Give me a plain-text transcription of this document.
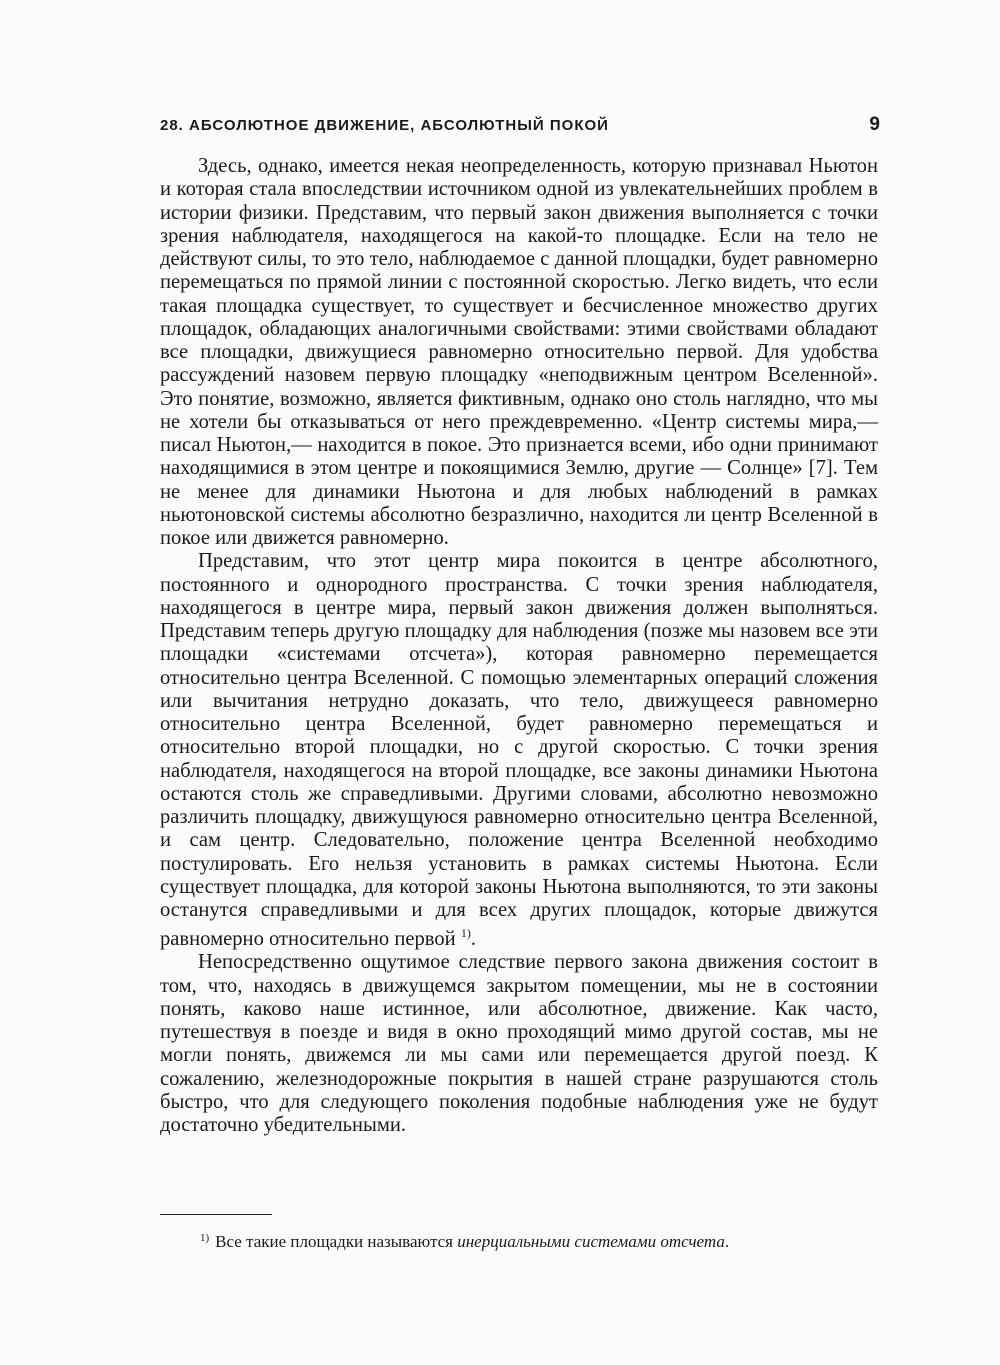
28. АБСОЛЮТНОЕ ДВИЖЕНИЕ, АБСОЛЮТНЫЙ ПОКОЙ	9

Здесь, однако, имеется некая неопределенность, которую признавал Ньютон и которая стала впоследствии источником одной из увлекательнейших проблем в истории физики. Представим, что первый закон движения выполняется с точки зрения наблюдателя, находящегося на какой-то площадке. Если на тело не действуют силы, то это тело, наблюдаемое с данной площадки, будет равномерно перемещаться по прямой линии с постоянной скоростью. Легко видеть, что если такая площадка существует, то существует и бесчисленное множество других площадок, обладающих аналогичными свойствами: этими свойствами обладают все площадки, движущиеся равномерно относительно первой. Для удобства рассуждений назовем первую площадку «неподвижным центром Вселенной». Это понятие, возможно, является фиктивным, однако оно столь наглядно, что мы не хотели бы отказываться от него преждевременно. «Центр системы мира,— писал Ньютон,— находится в покое. Это признается всеми, ибо одни принимают находящимися в этом центре и покоящимися Землю, другие — Солнце» [7]. Тем не менее для динамики Ньютона и для любых наблюдений в рамках ньютоновской системы абсолютно безразлично, находится ли центр Вселенной в покое или движется равномерно.

Представим, что этот центр мира покоится в центре абсолютного, постоянного и однородного пространства. С точки зрения наблюдателя, находящегося в центре мира, первый закон движения должен выполняться. Представим теперь другую площадку для наблюдения (позже мы назовем все эти площадки «системами отсчета»), которая равномерно перемещается относительно центра Вселенной. С помощью элементарных операций сложения или вычитания нетрудно доказать, что тело, движущееся равномерно относительно центра Вселенной, будет равномерно перемещаться и относительно второй площадки, но с другой скоростью. С точки зрения наблюдателя, находящегося на второй площадке, все законы динамики Ньютона остаются столь же справедливыми. Другими словами, абсолютно невозможно различить площадку, движущуюся равномерно относительно центра Вселенной, и сам центр. Следовательно, положение центра Вселенной необходимо постулировать. Его нельзя установить в рамках системы Ньютона. Если существует площадка, для которой законы Ньютона выполняются, то эти законы останутся справедливыми и для всех других площадок, которые движутся равномерно относительно первой $^{1)}$.

Непосредственно ощутимое следствие первого закона движения состоит в том, что, находясь в движущемся закрытом помещении, мы не в состоянии понять, каково наше истинное, или абсолютное, движение. Как часто, путешествуя в поезде и видя в окно проходящий мимо другой состав, мы не могли понять, движемся ли мы сами или перемещается другой поезд. К сожалению, железнодорожные покрытия в нашей стране разрушаются столь быстро, что для следующего поколения подобные наблюдения уже не будут достаточно убедительными.

$^{1)}$ Все такие площадки называются инерциальными системами отсчета.
